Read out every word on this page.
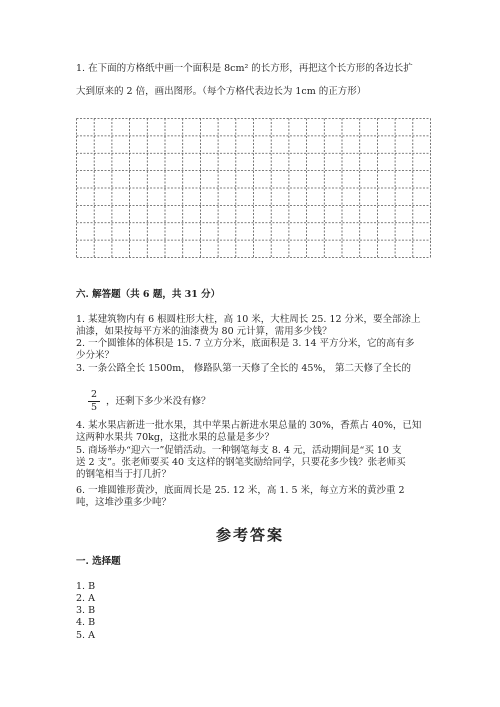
1. 在下面的方格纸中画一个面积是 8cm² 的长方形，再把这个长方形的各边长扩
大到原来的 2 倍，画出图形。（每个方格代表边长为 1cm 的正方形）
六. 解答题（共 6 题，共 31 分）
1. 某建筑物内有 6 根圆柱形大柱，高 10 米，大柱周长 25. 12 分米，要全部涂上
油漆，如果按每平方米的油漆费为 80 元计算，需用多少钱？
2. 一个圆锥体的体积是 15. 7 立方分米，底面积是 3. 14 平方分米，它的高有多
少分米？
3. 一条公路全长 1500m， 修路队第一天修了全长的 45%， 第二天修了全长的
$\frac{2}{5}$ ，还剩下多少米没有修？
4. 某水果店新进一批水果，其中苹果占新进水果总量的 30%，香蕉占 40%，已知
这两种水果共 70kg，这批水果的总量是多少？
5. 商场举办“迎六一”促销活动。一种钢笔每支 8. 4 元，活动期间是“买 10 支
送 2 支”。张老师要买 40 支这样的钢笔奖励给同学，只要花多少钱？张老师买
的钢笔相当于打几折？
6. 一堆圆锥形黄沙，底面周长是 25. 12 米，高 1. 5 米，每立方米的黄沙重 2
吨，这堆沙重多少吨？
参考答案
一. 选择题
1. B
2. A
3. B
4. B
5. A
